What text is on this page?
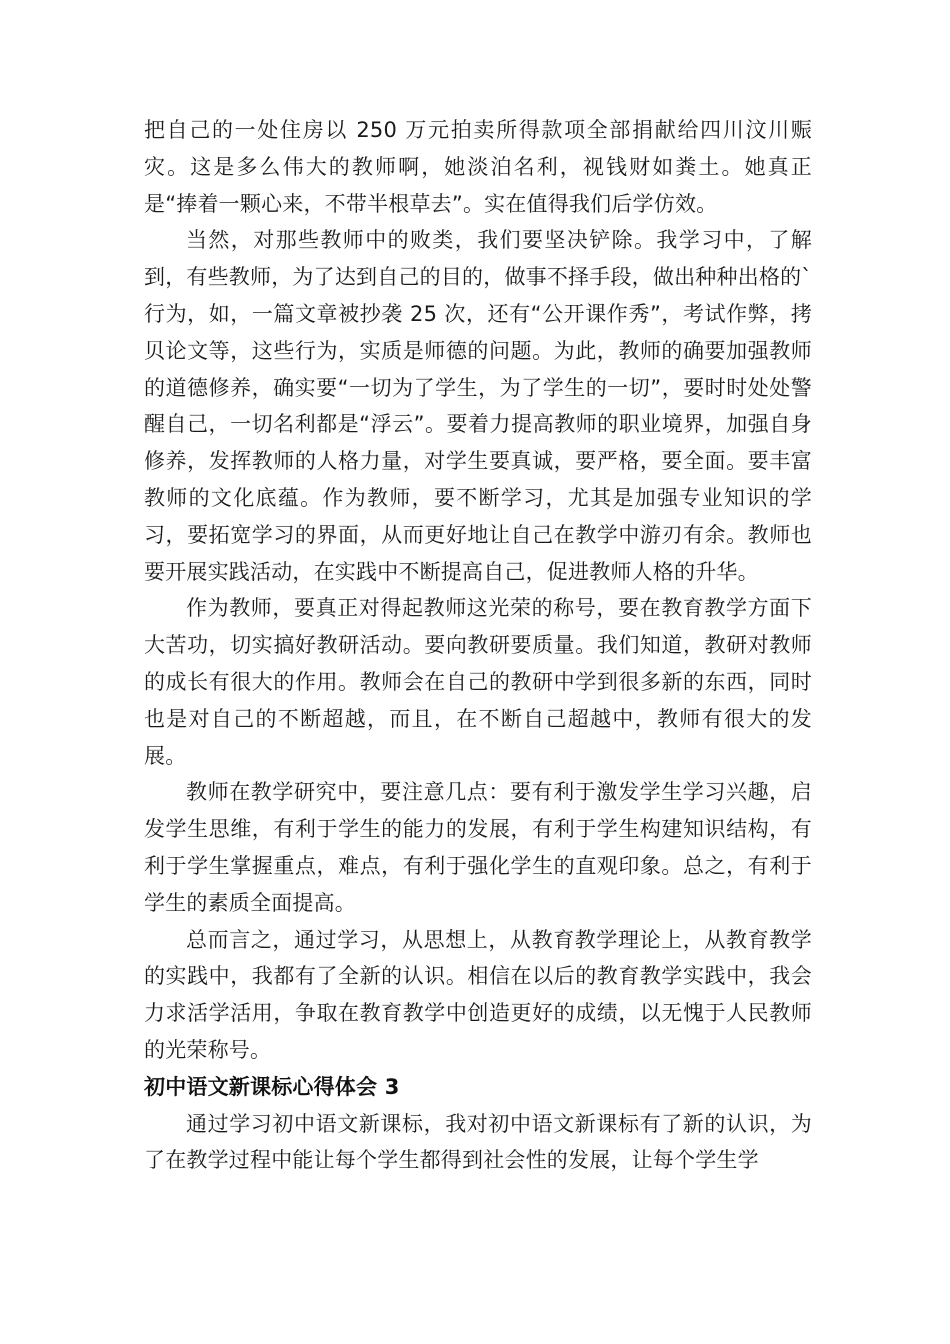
把自己的一处住房以 250 万元拍卖所得款项全部捐献给四川汶川赈灾。这是多么伟大的教师啊，她淡泊名利，视钱财如粪土。她真正是“捧着一颗心来，不带半根草去”。实在值得我们后学仿效。

当然，对那些教师中的败类，我们要坚决铲除。我学习中，了解到，有些教师，为了达到自己的目的，做事不择手段，做出种种出格的`行为，如，一篇文章被抄袭 25 次，还有“公开课作秀”，考试作弊，拷贝论文等，这些行为，实质是师德的问题。为此，教师的确要加强教师的道德修养，确实要“一切为了学生，为了学生的一切”，要时时处处警醒自己，一切名利都是“浮云”。要着力提高教师的职业境界，加强自身修养，发挥教师的人格力量，对学生要真诚，要严格，要全面。要丰富教师的文化底蕴。作为教师，要不断学习，尤其是加强专业知识的学习，要拓宽学习的界面，从而更好地让自己在教学中游刃有余。教师也要开展实践活动，在实践中不断提高自己，促进教师人格的升华。

作为教师，要真正对得起教师这光荣的称号，要在教育教学方面下大苦功，切实搞好教研活动。要向教研要质量。我们知道，教研对教师的成长有很大的作用。教师会在自己的教研中学到很多新的东西，同时也是对自己的不断超越，而且，在不断自己超越中，教师有很大的发展。

教师在教学研究中，要注意几点：要有利于激发学生学习兴趣，启发学生思维，有利于学生的能力的发展，有利于学生构建知识结构，有利于学生掌握重点，难点，有利于强化学生的直观印象。总之，有利于学生的素质全面提高。

总而言之，通过学习，从思想上，从教育教学理论上，从教育教学的实践中，我都有了全新的认识。相信在以后的教育教学实践中，我会力求活学活用，争取在教育教学中创造更好的成绩，以无愧于人民教师的光荣称号。

初中语文新课标心得体会 3

通过学习初中语文新课标，我对初中语文新课标有了新的认识，为了在教学过程中能让每个学生都得到社会性的发展，让每个学生学
